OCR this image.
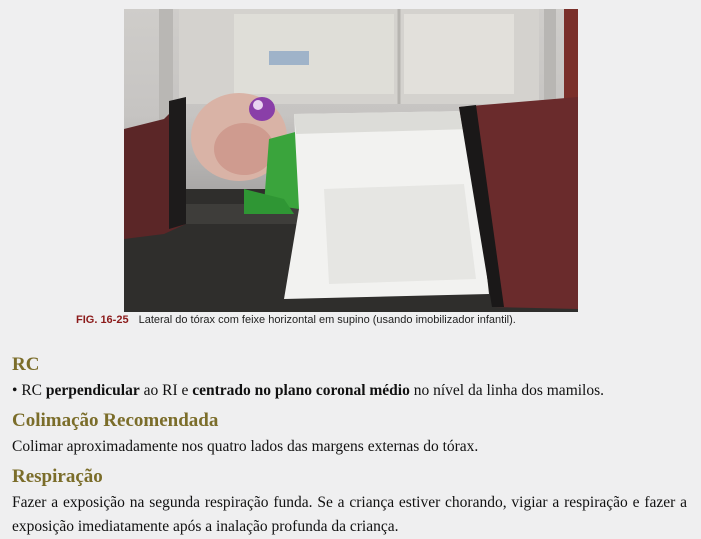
FIG. 16-25 Lateral do tórax com feixe horizontal em supino (usando imobilizador infantil).
RC

• RC perpendicular ao RI e centrado no plano coronal médio no nível da linha dos mamilos.

Colimação Recomendada

Colimar aproximadamente nos quatro lados das margens externas do tórax.

Respiração

Fazer a exposição na segunda respiração funda. Se a criança estiver chorando, vigiar a respiração e fazer a exposição imediatamente após a inalação profunda da criança.
